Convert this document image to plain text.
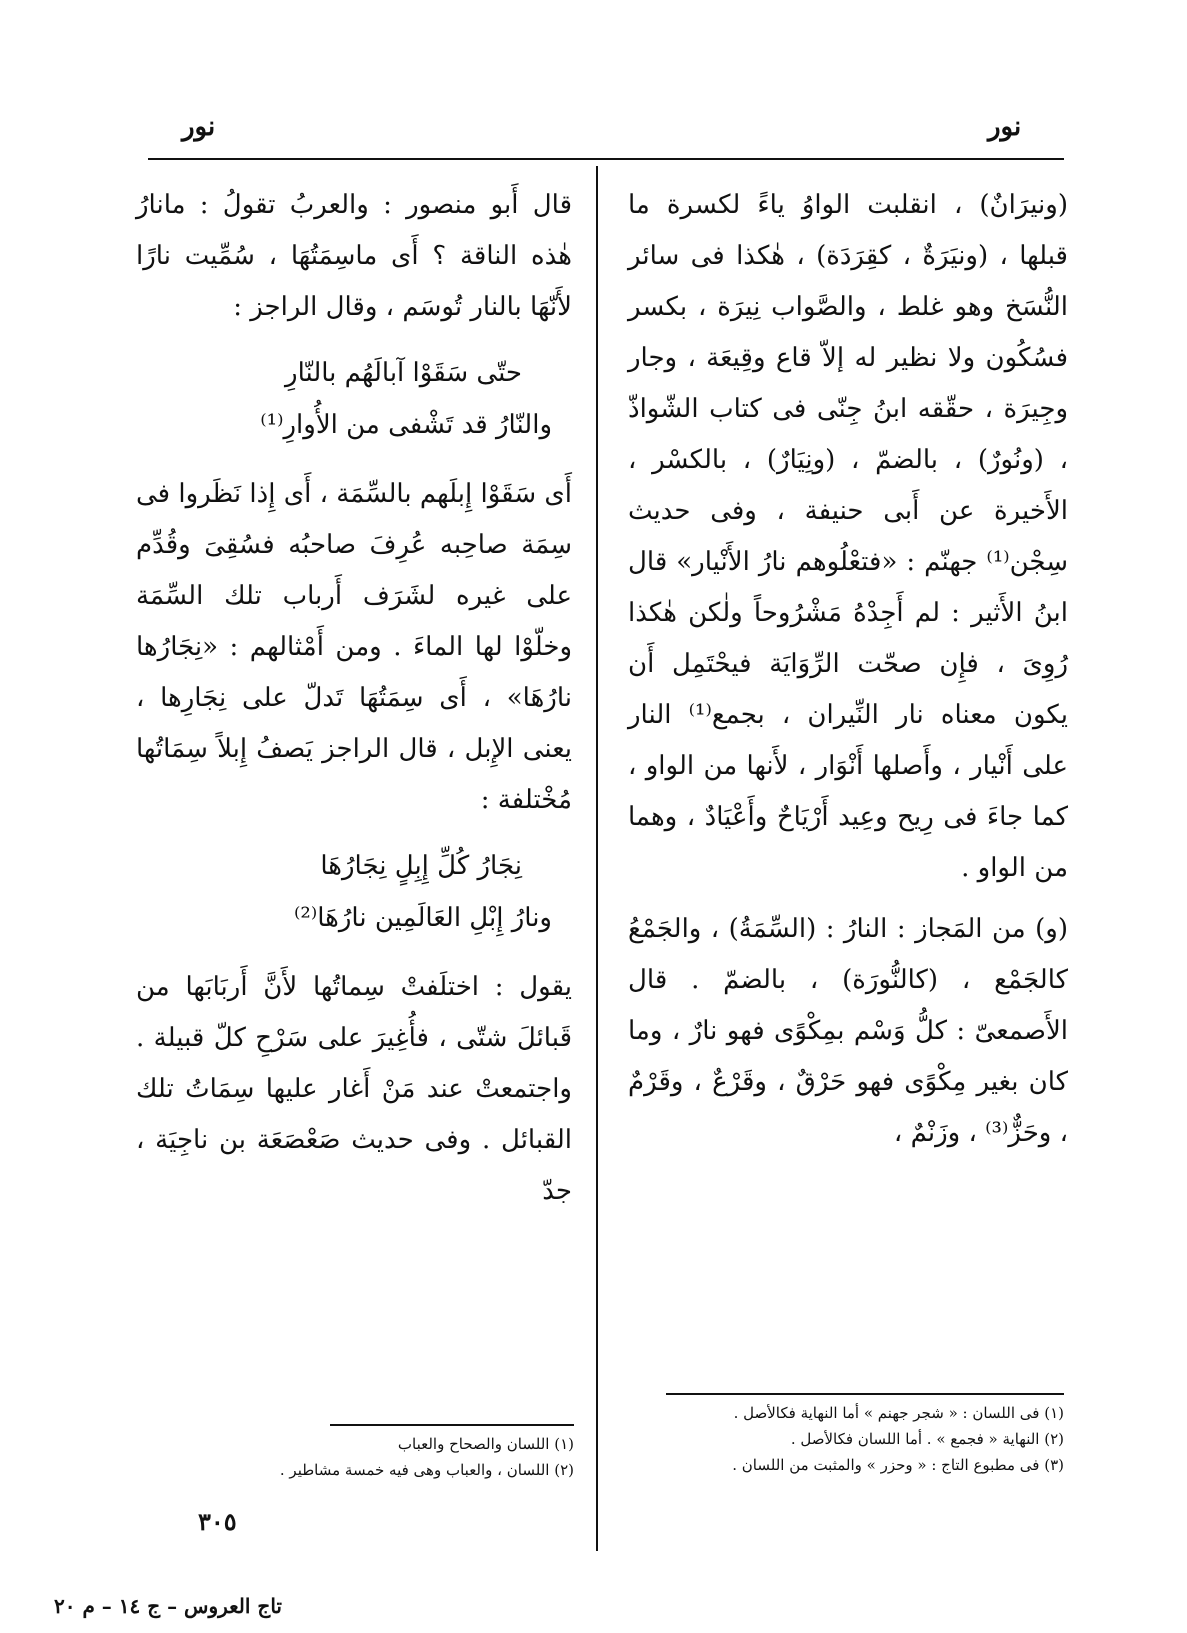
نور
نور

(ونيرَانٌ) ، انقلبت الواوُ ياءً لكسرة ما قبلها ، (ونيَرَةٌ ، كقِرَدَة) ، هٰكذا فى سائر النُّسَخ وهو غلط ، والصَّواب نِيرَة ، بكسر فسُكُون ولا نظير له إلاّ قاع وقِيعَة ، وجار وجِيرَة ، حقّقه ابنُ جِنّى فى كتاب الشّواذّ ، (ونُورٌ) ، بالضمّ ، (ونِيَارٌ) ، بالكسْر ، الأَخيرة عن أَبى حنيفة ، وفى حديث سِجْن⁽¹⁾ جهنّم : «فتعْلُوهم نارُ الأَنْيار» قال ابنُ الأَثير : لم أَجِدْهُ مَشْرُوحاً ولٰكن هٰكذا رُوِىَ ، فإِن صحّت الرِّوَايَة فيحْتَمِل أَن يكون معناه نار النِّيران ، بجمع⁽¹⁾ النار على أَنْيار ، وأَصلها أَنْوَار ، لأَنها من الواو ، كما جاءَ فى رِيح وعِيد أَرْيَاحٌ وأَعْيَادٌ ، وهما من الواو .

(و) من المَجاز : النارُ : (السِّمَةُ) ، والجَمْعُ كالجَمْع ، (كالنُّورَة) ، بالضمّ . قال الأَصمعىّ : كلُّ وَسْم بمِكْوًى فهو نارٌ ، وما كان بغير مِكْوًى فهو حَرْقٌ ، وقَرْعٌ ، وقَرْمٌ ، وحَزٌّ⁽³⁾ ، وزَنْمٌ ،

قال أَبو منصور : والعربُ تقولُ : مانارُ هٰذه الناقة ؟ أَى ماسِمَتُهَا ، سُمِّيت نارًا لأَنّهَا بالنار تُوسَم ، وقال الراجز :

حتّى سَقَوْا آبالَهُم بالنّارِ
والنّارُ قد تَشْفى من الأُوارِ⁽¹⁾

أَى سَقَوْا إِبلَهم بالسِّمَة ، أَى إِذا نَظَروا فى سِمَة صاحِبه عُرِفَ صاحبُه فسُقِىَ وقُدِّم على غيره لشَرَف أَرباب تلك السِّمَة وخلّوْا لها الماءَ . ومن أَمْثالهم : «نِجَارُها نارُهَا» ، أَى سِمَتُهَا تَدلّ على نِجَارِها ، يعنى الإِبل ، قال الراجز يَصفُ إِبلاً سِمَاتُها مُخْتلفة :

نِجَارُ كُلِّ إِبِلٍ نِجَارُهَا
ونارُ إِبْلِ العَالَمِين نارُهَا⁽²⁾

يقول : اختلَفتْ سِماتُها لأَنَّ أَربَابَها من قَبائلَ شتّى ، فأُغِيرَ على سَرْحِ كلّ قبيلة . واجتمعتْ عند مَنْ أَغار عليها سِمَاتُ تلك القبائل . وفى حديث صَعْصَعَة بن ناجِيَة ، جدّ

(١) فى اللسان : « شجر جهنم » أما النهاية فكالأصل .
(٢) النهاية « فجمع » . أما اللسان فكالأصل .
(٣) فى مطبوع التاج : « وحزر » والمثبت من اللسان .
(١) اللسان والصحاح والعباب
(٢) اللسان ، والعباب وهى فيه خمسة مشاطير .
٣٠٥
تاج العروس – ج ١٤ – م ٢٠
